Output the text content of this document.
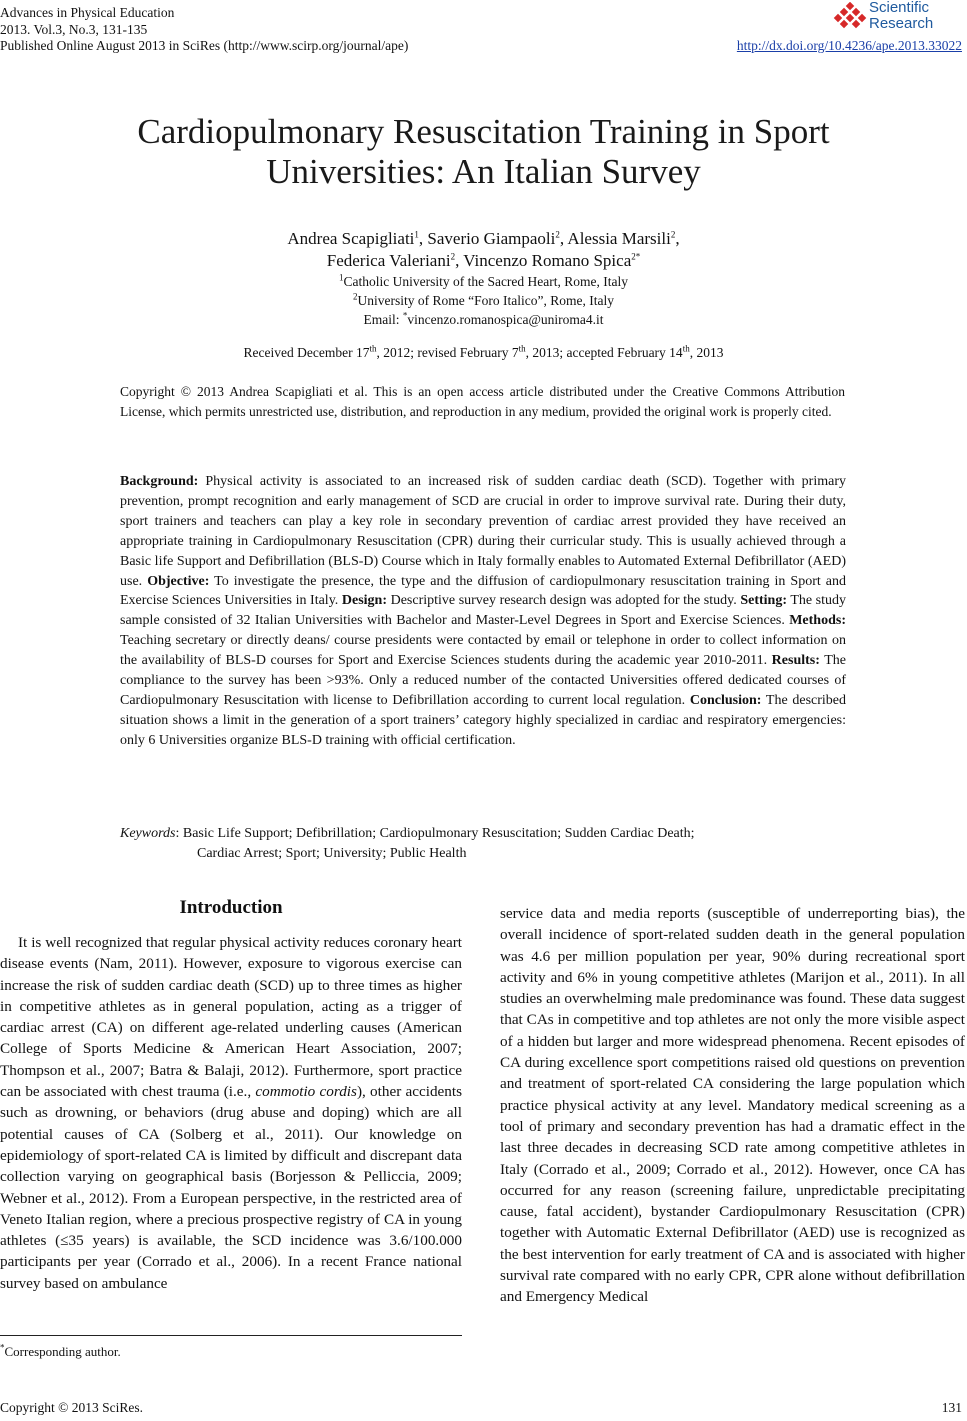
Advances in Physical Education
2013. Vol.3, No.3, 131-135
Published Online August 2013 in SciRes (http://www.scirp.org/journal/ape)
Scientific
Research
http://dx.doi.org/10.4236/ape.2013.33022
Cardiopulmonary Resuscitation Training in Sport
Universities: An Italian Survey
Andrea Scapigliati$^1$, Saverio Giampaoli$^2$, Alessia Marsili$^2$,
Federica Valeriani$^2$, Vincenzo Romano Spica$^{2*}$
$^1$Catholic University of the Sacred Heart, Rome, Italy
$^2$University of Rome “Foro Italico”, Rome, Italy
Email: *vincenzo.romanospica@uniroma4.it
Received December 17th, 2012; revised February 7th, 2013; accepted February 14th, 2013
Copyright © 2013 Andrea Scapigliati et al. This is an open access article distributed under the Creative Commons Attribution License, which permits unrestricted use, distribution, and reproduction in any medium, provided the original work is properly cited.
Background: Physical activity is associated to an increased risk of sudden cardiac death (SCD). Together with primary prevention, prompt recognition and early management of SCD are crucial in order to improve survival rate. During their duty, sport trainers and teachers can play a key role in secondary prevention of cardiac arrest provided they have received an appropriate training in Cardiopulmonary Resuscitation (CPR) during their curricular study. This is usually achieved through a Basic life Support and Defibrillation (BLS-D) Course which in Italy formally enables to Automated External Defibrillator (AED) use. Objective: To investigate the presence, the type and the diffusion of cardiopulmonary resuscitation training in Sport and Exercise Sciences Universities in Italy. Design: Descriptive survey research design was adopted for the study. Setting: The study sample consisted of 32 Italian Universities with Bachelor and Master-Level Degrees in Sport and Exercise Sciences. Methods: Teaching secretary or directly deans/ course presidents were contacted by email or telephone in order to collect information on the availability of BLS-D courses for Sport and Exercise Sciences students during the academic year 2010-2011. Results: The compliance to the survey has been >93%. Only a reduced number of the contacted Universities offered dedicated courses of Cardiopulmonary Resuscitation with license to Defibrillation according to current local regulation. Conclusion: The described situation shows a limit in the generation of a sport trainers’ category highly specialized in cardiac and respiratory emergencies: only 6 Universities organize BLS-D training with official certification.
Keywords: Basic Life Support; Defibrillation; Cardiopulmonary Resuscitation; Sudden Cardiac Death;
Cardiac Arrest; Sport; University; Public Health
Introduction

It is well recognized that regular physical activity reduces coronary heart disease events (Nam, 2011). However, exposure to vigorous exercise can increase the risk of sudden cardiac death (SCD) up to three times as higher in competitive athletes as in general population, acting as a trigger of cardiac arrest (CA) on different age-related underling causes (American College of Sports Medicine & American Heart Association, 2007; Thompson et al., 2007; Batra & Balaji, 2012). Furthermore, sport practice can be associated with chest trauma (i.e., commotio cordis), other accidents such as drowning, or behaviors (drug abuse and doping) which are all potential causes of CA (Solberg et al., 2011). Our knowledge on epidemiology of sport-related CA is limited by difficult and discrepant data collection varying on geographical basis (Borjesson & Pelliccia, 2009; Webner et al., 2012). From a European perspective, in the restricted area of Veneto Italian region, where a precious prospective registry of CA in young athletes (≤35 years) is available, the SCD incidence was 3.6/100.000 participants per year (Corrado et al., 2006). In a recent France national survey based on ambulance

service data and media reports (susceptible of underreporting bias), the overall incidence of sport-related sudden death in the general population was 4.6 per million population per year, 90% during recreational sport activity and 6% in young competitive athletes (Marijon et al., 2011). In all studies an overwhelming male predominance was found. These data suggest that CAs in competitive and top athletes are not only the more visible aspect of a hidden but larger and more widespread phenomena. Recent episodes of CA during excellence sport competitions raised old questions on prevention and treatment of sport-related CA considering the large population which practice physical activity at any level. Mandatory medical screening as a tool of primary and secondary prevention has had a dramatic effect in the last three decades in decreasing SCD rate among competitive athletes in Italy (Corrado et al., 2009; Corrado et al., 2012). However, once CA has occurred for any reason (screening failure, unpredictable precipitating cause, fatal accident), bystander Cardiopulmonary Resuscitation (CPR) together with Automatic External Defibrillator (AED) use is recognized as the best intervention for early treatment of CA and is associated with higher survival rate compared with no early CPR, CPR alone without defibrillation and Emergency Medical

*Corresponding author.
Copyright © 2013 SciRes.	131
